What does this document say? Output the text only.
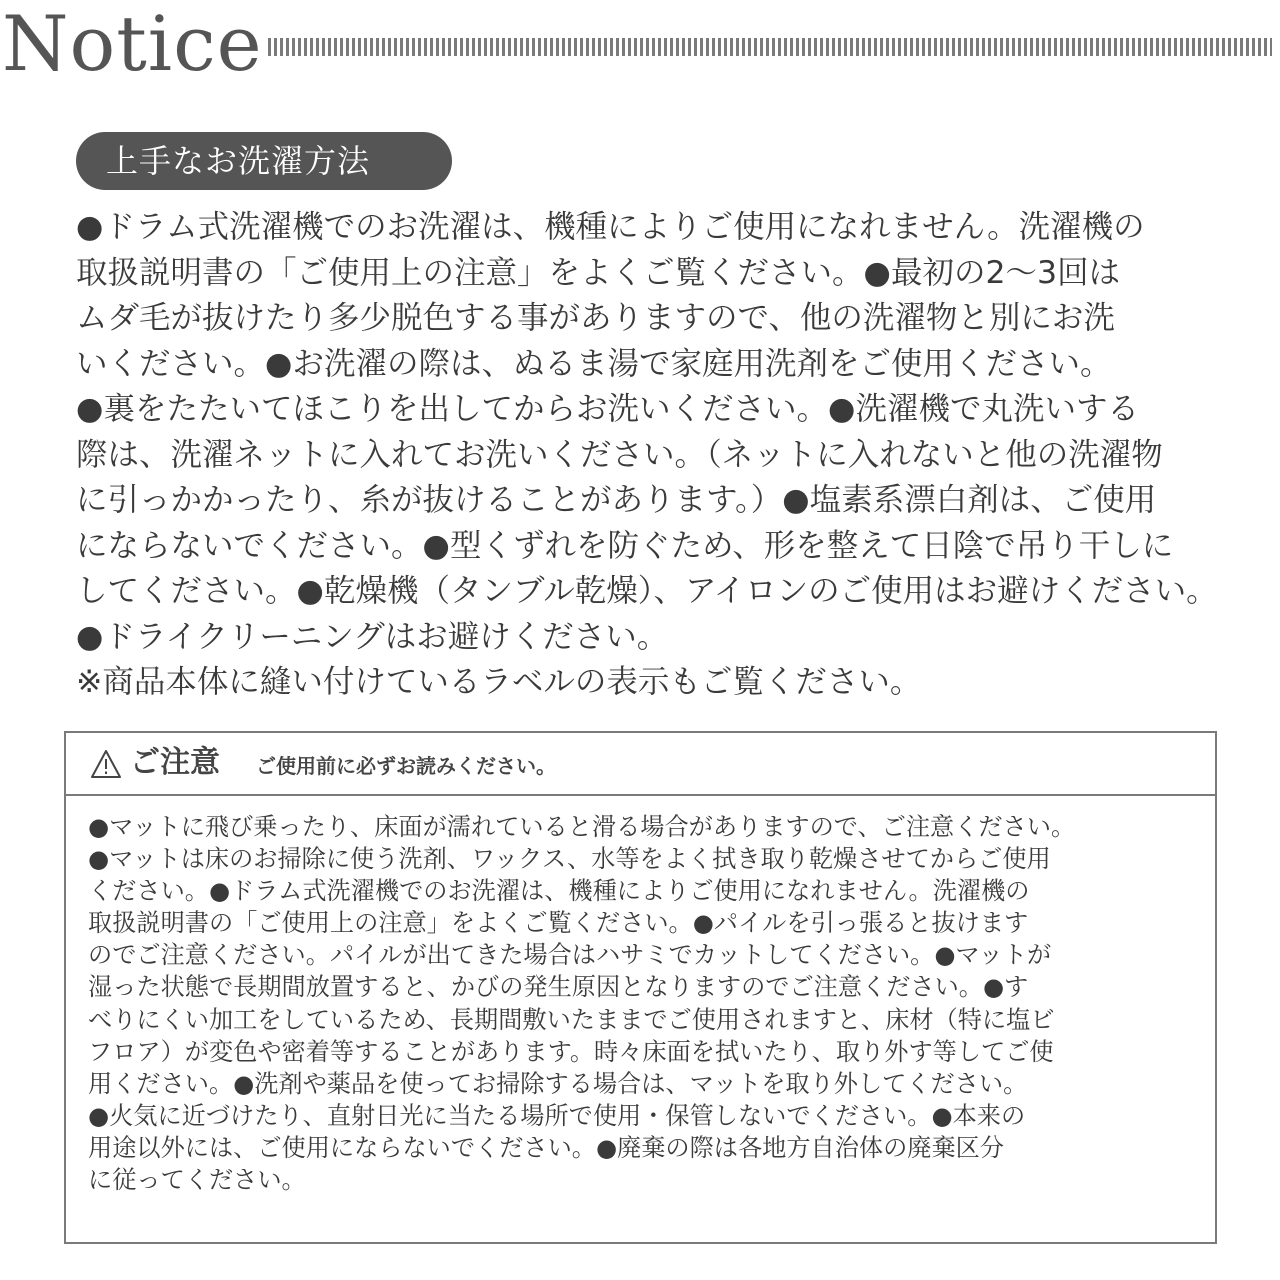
Notice
上手なお洗濯方法

●ドラム式洗濯機でのお洗濯は、機種によりご使用になれません。洗濯機の

取扱説明書の「ご使用上の注意」をよくご覧ください。●最初の2〜3回は

ムダ毛が抜けたり多少脱色する事がありますので、他の洗濯物と別にお洗

いください。●お洗濯の際は、ぬるま湯で家庭用洗剤をご使用ください。

●裏をたたいてほこりを出してからお洗いください。●洗濯機で丸洗いする

際は、洗濯ネットに入れてお洗いください。（ネットに入れないと他の洗濯物

に引っかかったり、糸が抜けることがあります。）●塩素系漂白剤は、ご使用

にならないでください。●型くずれを防ぐため、形を整えて日陰で吊り干しに

してください。●乾燥機（タンブル乾燥）、アイロンのご使用はお避けください。

●ドライクリーニングはお避けください。

※商品本体に縫い付けているラベルの表示もご覧ください。

ご注意 ご使用前に必ずお読みください。

●マットに飛び乗ったり、床面が濡れていると滑る場合がありますので、ご注意ください。

●マットは床のお掃除に使う洗剤、ワックス、水等をよく拭き取り乾燥させてからご使用

ください。●ドラム式洗濯機でのお洗濯は、機種によりご使用になれません。洗濯機の

取扱説明書の「ご使用上の注意」をよくご覧ください。●パイルを引っ張ると抜けます

のでご注意ください。パイルが出てきた場合はハサミでカットしてください。●マットが

湿った状態で長期間放置すると、かびの発生原因となりますのでご注意ください。●す

べりにくい加工をしているため、長期間敷いたままでご使用されますと、床材（特に塩ビ

フロア）が変色や密着等することがあります。時々床面を拭いたり、取り外す等してご使

用ください。●洗剤や薬品を使ってお掃除する場合は、マットを取り外してください。

●火気に近づけたり、直射日光に当たる場所で使用・保管しないでください。●本来の

用途以外には、ご使用にならないでください。●廃棄の際は各地方自治体の廃棄区分

に従ってください。
